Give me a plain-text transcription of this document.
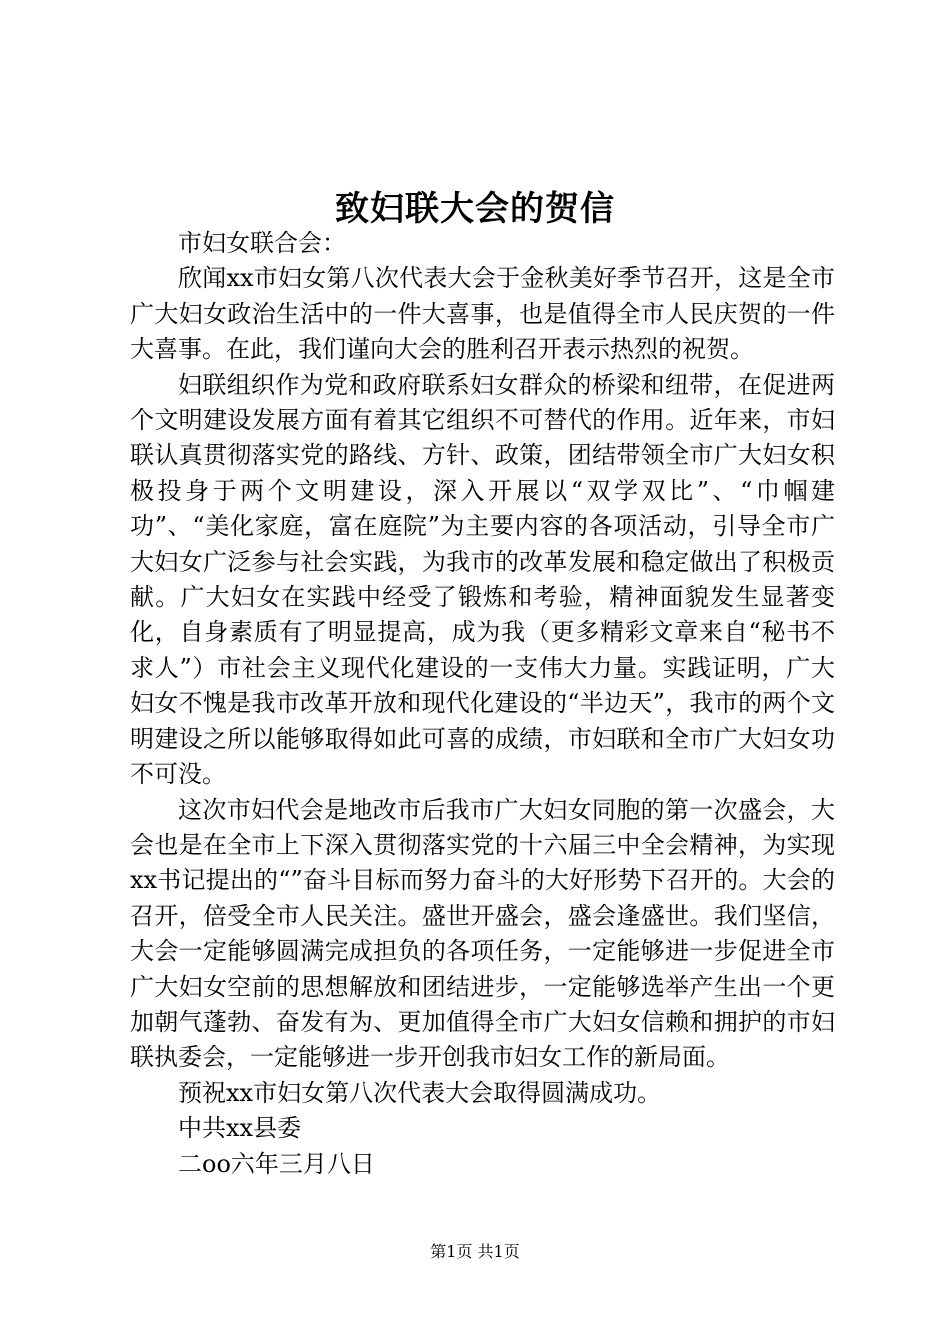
致妇联大会的贺信

市妇女联合会：

欣闻xx市妇女第八次代表大会于金秋美好季节召开，这是全市广大妇女政治生活中的一件大喜事，也是值得全市人民庆贺的一件大喜事。在此，我们谨向大会的胜利召开表示热烈的祝贺。

妇联组织作为党和政府联系妇女群众的桥梁和纽带，在促进两个文明建设发展方面有着其它组织不可替代的作用。近年来，市妇联认真贯彻落实党的路线、方针、政策，团结带领全市广大妇女积极投身于两个文明建设，深入开展以“双学双比”、“巾帼建功”、“美化家庭，富在庭院”为主要内容的各项活动，引导全市广大妇女广泛参与社会实践，为我市的改革发展和稳定做出了积极贡献。广大妇女在实践中经受了锻炼和考验，精神面貌发生显著变化，自身素质有了明显提高，成为我（更多精彩文章来自“秘书不求人”）市社会主义现代化建设的一支伟大力量。实践证明，广大妇女不愧是我市改革开放和现代化建设的“半边天”，我市的两个文明建设之所以能够取得如此可喜的成绩，市妇联和全市广大妇女功不可没。

这次市妇代会是地改市后我市广大妇女同胞的第一次盛会，大会也是在全市上下深入贯彻落实党的十六届三中全会精神，为实现xx书记提出的“”奋斗目标而努力奋斗的大好形势下召开的。大会的召开，倍受全市人民关注。盛世开盛会，盛会逢盛世。我们坚信，大会一定能够圆满完成担负的各项任务，一定能够进一步促进全市广大妇女空前的思想解放和团结进步，一定能够选举产生出一个更加朝气蓬勃、奋发有为、更加值得全市广大妇女信赖和拥护的市妇联执委会，一定能够进一步开创我市妇女工作的新局面。

预祝xx市妇女第八次代表大会取得圆满成功。

中共xx县委

二oo六年三月八日

第1页 共1页
